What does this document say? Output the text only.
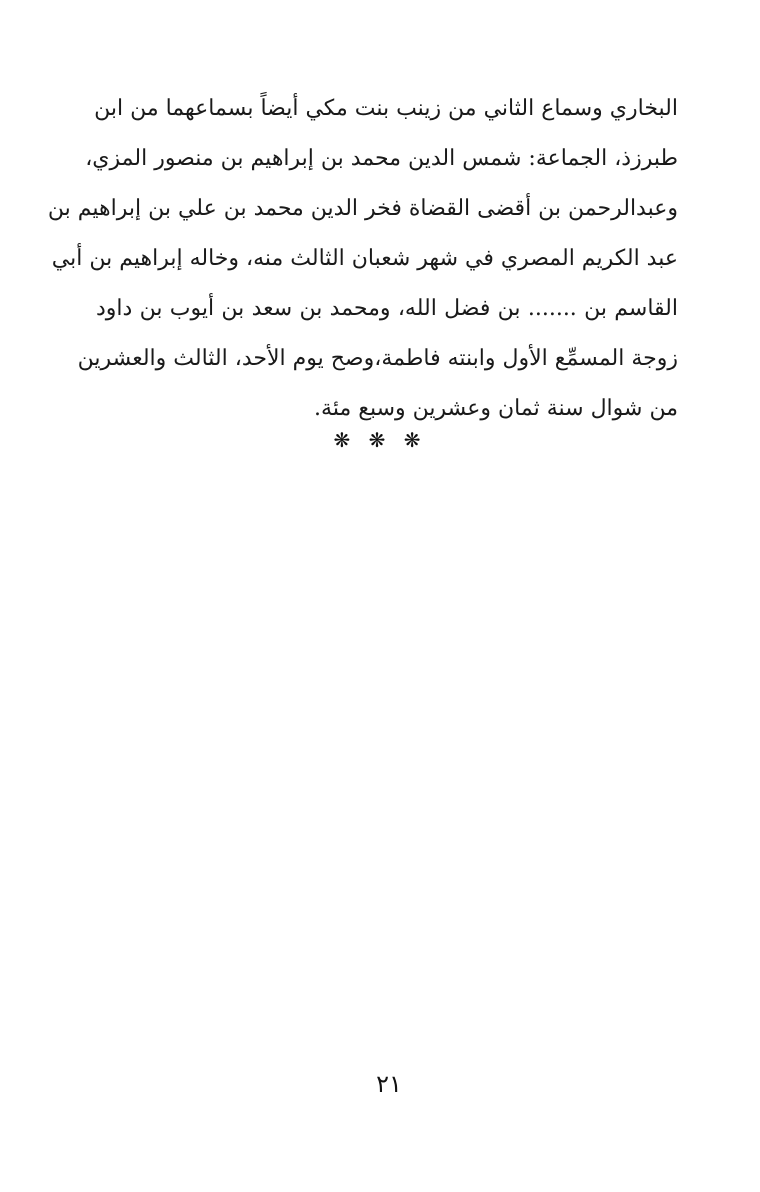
البخاري وسماع الثاني من زينب بنت مكي أيضاً بسماعهما من ابن
طبرزذ، الجماعة: شمس الدين محمد بن إبراهيم بن منصور المزي،
وعبدالرحمن بن أقضى القضاة فخر الدين محمد بن علي بن إبراهيم بن
عبد الكريم المصري في شهر شعبان الثالث منه، وخاله إبراهيم بن أبي
القاسم بن ....... بن فضل الله، ومحمد بن سعد بن أيوب بن داود
زوجة المسمِّع الأول وابنته فاطمة،وصح يوم الأحد، الثالث والعشرين
من شوال سنة ثمان وعشرين وسبع مئة.
❋ ❋ ❋
٢١
